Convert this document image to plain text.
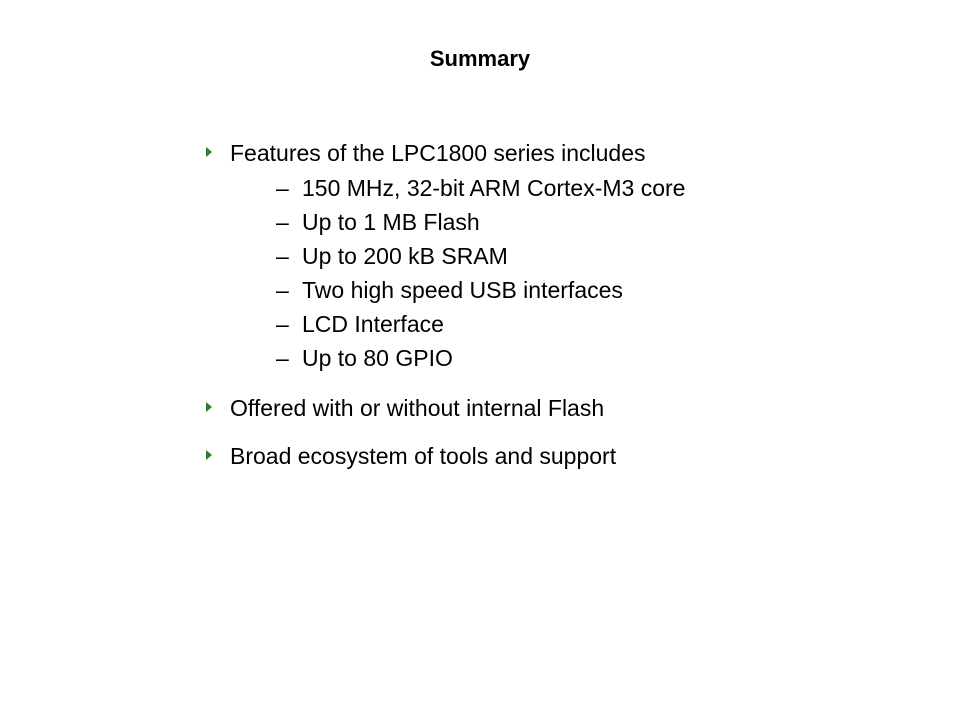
Summary
Features of the LPC1800 series includes
– 150 MHz, 32-bit ARM Cortex-M3 core
– Up to 1 MB Flash
– Up to 200 kB SRAM
– Two high speed USB interfaces
– LCD Interface
– Up to 80 GPIO
Offered with or without internal Flash
Broad ecosystem of tools and support
